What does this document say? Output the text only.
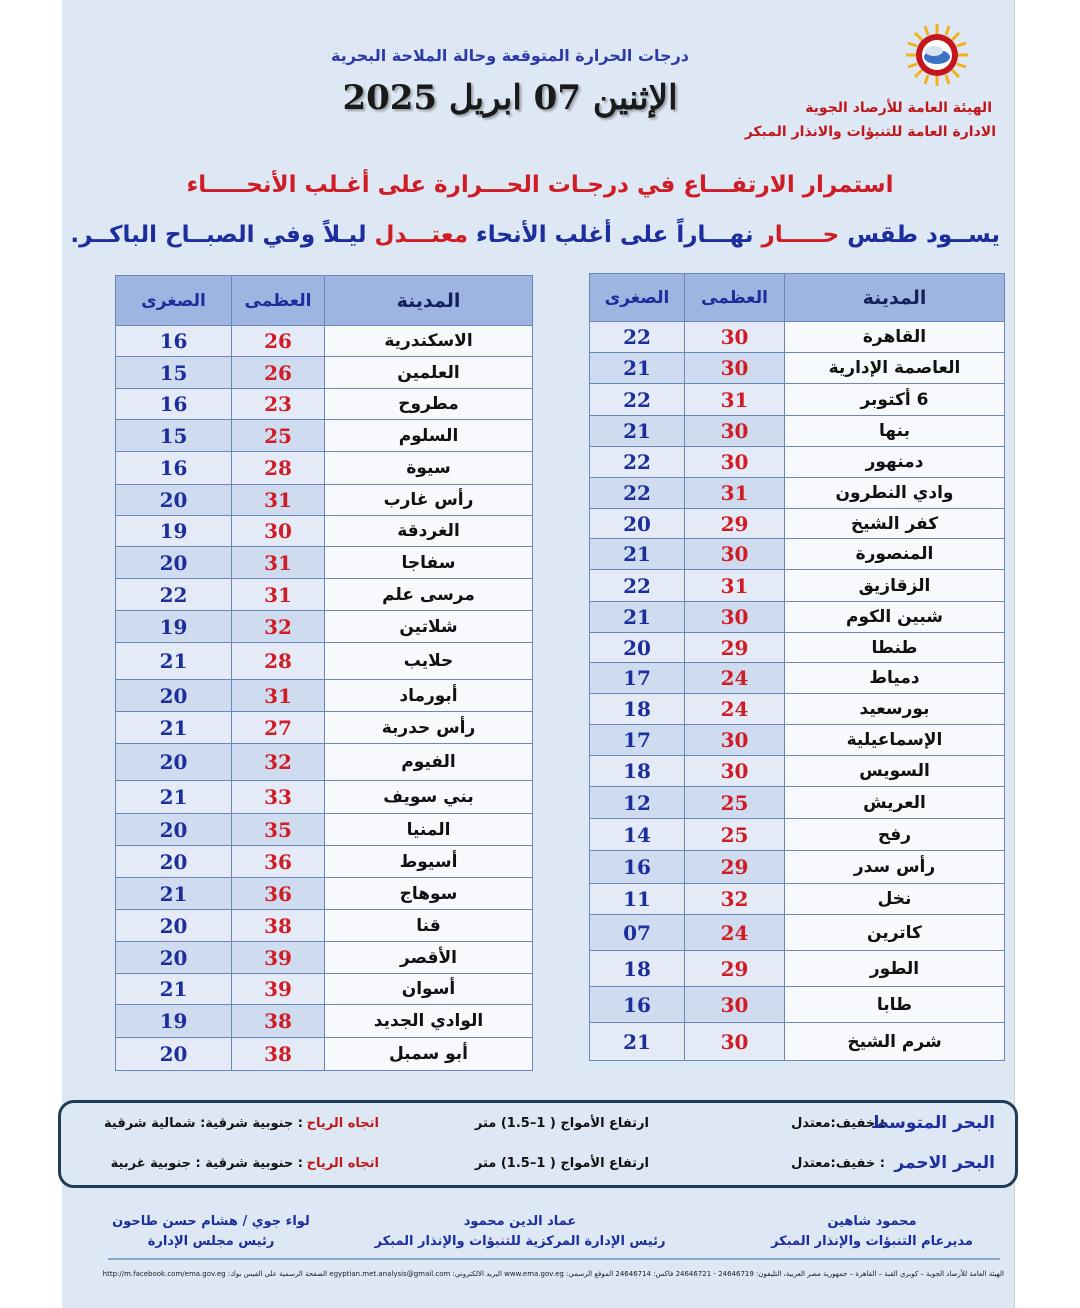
الهيئة العامة للأرصاد الجوية
الادارة العامة للتنبؤات والانذار المبكر
درجات الحرارة المتوقعة وحالة الملاحة البحرية
الإثنين 07 ابريل 2025
استمرار الارتفـــاع في درجـات الحـــرارة على أغـلب الأنحـــــاء
يســود طقس حـــــار نهـــاراً على أغلب الأنحاء معتـــدل ليـلاً وفي الصبــاح الباكــر.
المدينة	العظمى	الصغرى
القاهرة	30	22
العاصمة الإدارية	30	21
6 أكتوبر	31	22
بنها	30	21
دمنهور	30	22
وادي النطرون	31	22
كفر الشيخ	29	20
المنصورة	30	21
الزقازيق	31	22
شبين الكوم	30	21
طنطا	29	20
دمياط	24	17
بورسعيد	24	18
الإسماعيلية	30	17
السويس	30	18
العريش	25	12
رفح	25	14
رأس سدر	29	16
نخل	32	11
كاترين	24	07
الطور	29	18
طابا	30	16
شرم الشيخ	30	21
المدينة	العظمى	الصغرى
الاسكندرية	26	16
العلمين	26	15
مطروح	23	16
السلوم	25	15
سيوة	28	16
رأس غارب	31	20
الغردقة	30	19
سفاجا	31	20
مرسى علم	31	22
شلاتين	32	19
حلايب	28	21
أبورماد	31	20
رأس حدربة	27	21
الفيوم	32	20
بني سويف	33	21
المنيا	35	20
أسيوط	36	20
سوهاج	36	21
قنا	38	20
الأقصر	39	20
أسوان	39	21
الوادي الجديد	38	19
أبو سمبل	38	20
البحر المتوسط
: خفيف:معتدل
ارتفاع الأمواج ( 1–1.5) متر
اتجاه الرياح
: جنوبية شرقية: شمالية شرقية
البحر الاحمر
: خفيف:معتدل
ارتفاع الأمواج ( 1–1.5) متر
اتجاه الرياح
: حنوبية شرقية : جنوبية غربية
محمود شاهين
مديرعام التنبؤات والإنذار المبكر
عماد الدين محمود
رئيس الإدارة المركزية للتنبؤات والإنذار المبكر
لواء جوي / هشام حسن طاحون
رئيس مجلس الإدارة
الهيئة العامة للأرصاد الجوية – كوبري القبة – القاهرة – جمهورية مصر العربية، التليفون: 24646719 - 24646721 فاكس: 24646714 الموقع الرسمي: www.ema.gov.eg البريد الالكتروني: egyptian.met.analysis@gmail.com الصفحة الرسمية على الفيس بوك: http://m.facebook.com/ema.gov.eg
